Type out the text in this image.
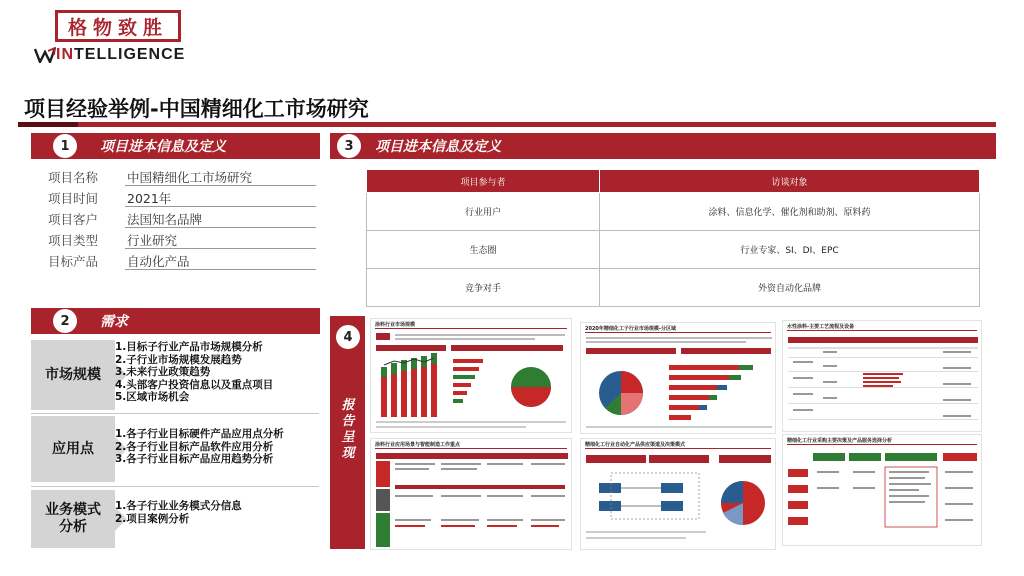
格物致胜
INTELLIGENCE
项目经验举例-中国精细化工市场研究
1	项目进本信息及定义
项目名称	中国精细化工市场研究
项目时间	2021年
项目客户	法国知名品牌
项目类型	行业研究
目标产品	自动化产品
2	需求
市场规模
1.目标子行业产品市场规模分析
2.子行业市场规模发展趋势
3.未来行业政策趋势
4.头部客户投资信息以及重点项目
5.区域市场机会
应用点
1.各子行业目标硬件产品应用点分析
2.各子行业目标产品软件应用分析
3.各子行业目标产品应用趋势分析
业务模式
分析
1.各子行业业务模式分信息
2.项目案例分析
3	项目进本信息及定义
项目参与者	访谈对象
行业用户	涂料、信息化学、催化剂和助剂、原料药
生态圈	行业专家、SI、DI、EPC
竞争对手	外资自动化品牌
4
报告呈现
涂料行业市场规模
2020年精细化工子行业市场规模-分区域	水性涂料-主要工艺流程及设备
涂料行业应用场景与智能制造工作重点	精细化工行业自动化产品供应渠道及决策模式
精细化工行业采购主要决策及产品服务选择分析
